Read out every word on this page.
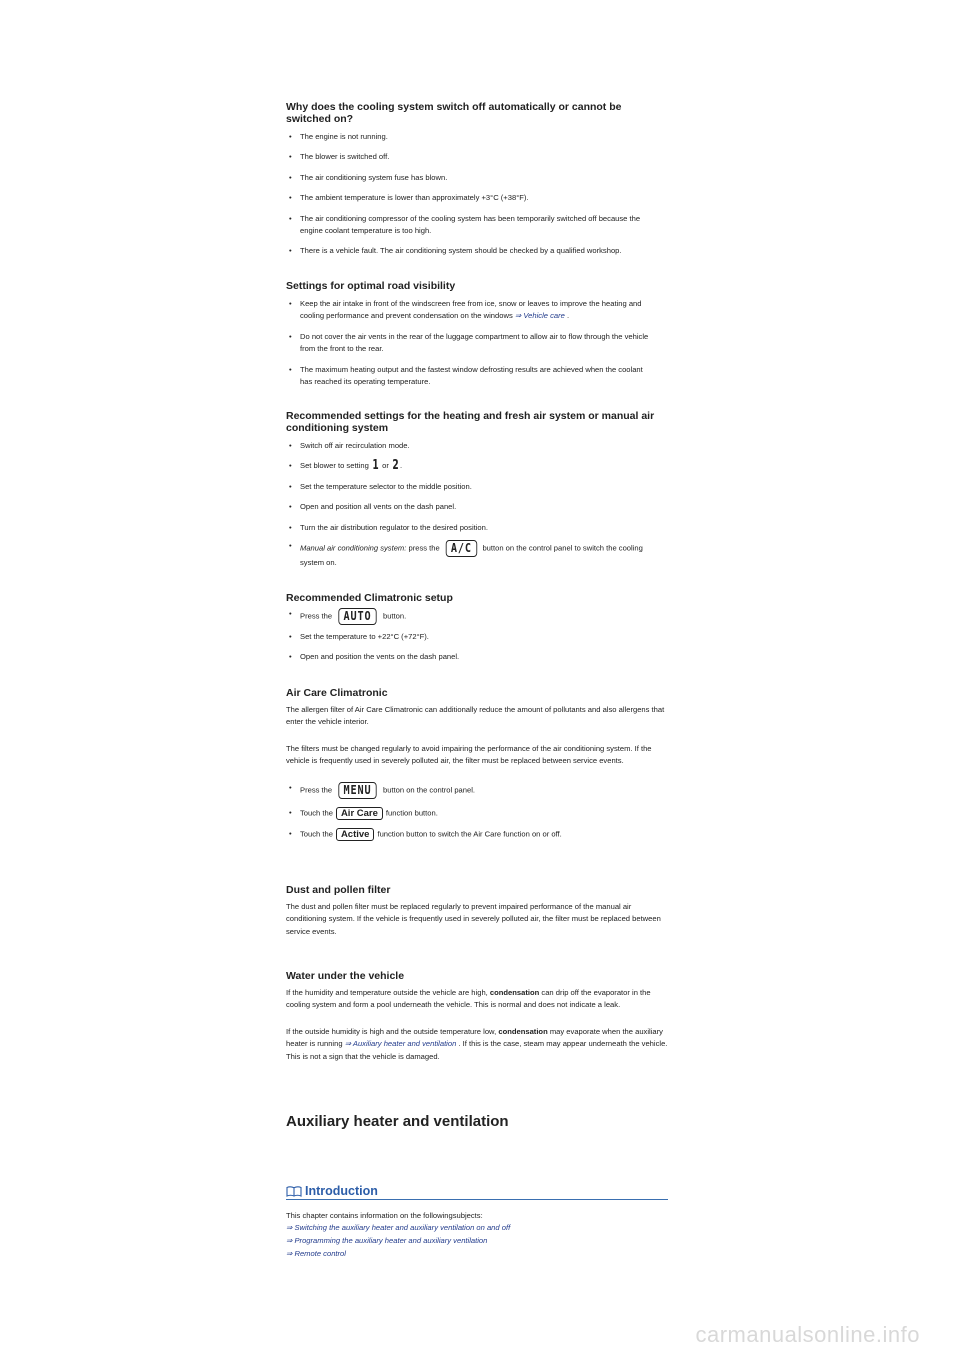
Why does the cooling system switch off automatically or cannot be switched on?
• The engine is not running.
• The blower is switched off.
• The air conditioning system fuse has blown.
• The ambient temperature is lower than approximately +3°C (+38°F).
• The air conditioning compressor of the cooling system has been temporarily switched off because the engine coolant temperature is too high.
• There is a vehicle fault. The air conditioning system should be checked by a qualified workshop.
Settings for optimal road visibility
• Keep the air intake in front of the windscreen free from ice, snow or leaves to improve the heating and cooling performance and prevent condensation on the windows ⇒ Vehicle care .
• Do not cover the air vents in the rear of the luggage compartment to allow air to flow through the vehicle from the front to the rear.
• The maximum heating output and the fastest window defrosting results are achieved when the coolant has reached its operating temperature.
Recommended settings for the heating and fresh air system or manual air conditioning system
• Switch off air recirculation mode.
• Set blower to setting 1 or 2.
• Set the temperature selector to the middle position.
• Open and position all vents on the dash panel.
• Turn the air distribution regulator to the desired position.
• Manual air conditioning system: press the A/C button on the control panel to switch the cooling system on.
Recommended Climatronic setup
• Press the AUTO button.
• Set the temperature to +22°C (+72°F).
• Open and position the vents on the dash panel.
Air Care Climatronic

The allergen filter of Air Care Climatronic can additionally reduce the amount of pollutants and also allergens that enter the vehicle interior.

The filters must be changed regularly to avoid impairing the performance of the air conditioning system. If the vehicle is frequently used in severely polluted air, the filter must be replaced between service events.

• Press the MENU button on the control panel.
• Touch the Air Care function button.
• Touch the Active function button to switch the Air Care function on or off.
Dust and pollen filter

The dust and pollen filter must be replaced regularly to prevent impaired performance of the manual air conditioning system. If the vehicle is frequently used in severely polluted air, the filter must be replaced between service events.

Water under the vehicle

If the humidity and temperature outside the vehicle are high, condensation can drip off the evaporator in the cooling system and form a pool underneath the vehicle. This is normal and does not indicate a leak.

If the outside humidity is high and the outside temperature low, condensation may evaporate when the auxiliary heater is running ⇒ Auxiliary heater and ventilation . If this is the case, steam may appear underneath the vehicle. This is not a sign that the vehicle is damaged.

Auxiliary heater and ventilation
Introduction

This chapter contains information on the followingsubjects:

⇒ Switching the auxiliary heater and auxiliary ventilation on and off

⇒ Programming the auxiliary heater and auxiliary ventilation

⇒ Remote control

carmanualsonline.info
